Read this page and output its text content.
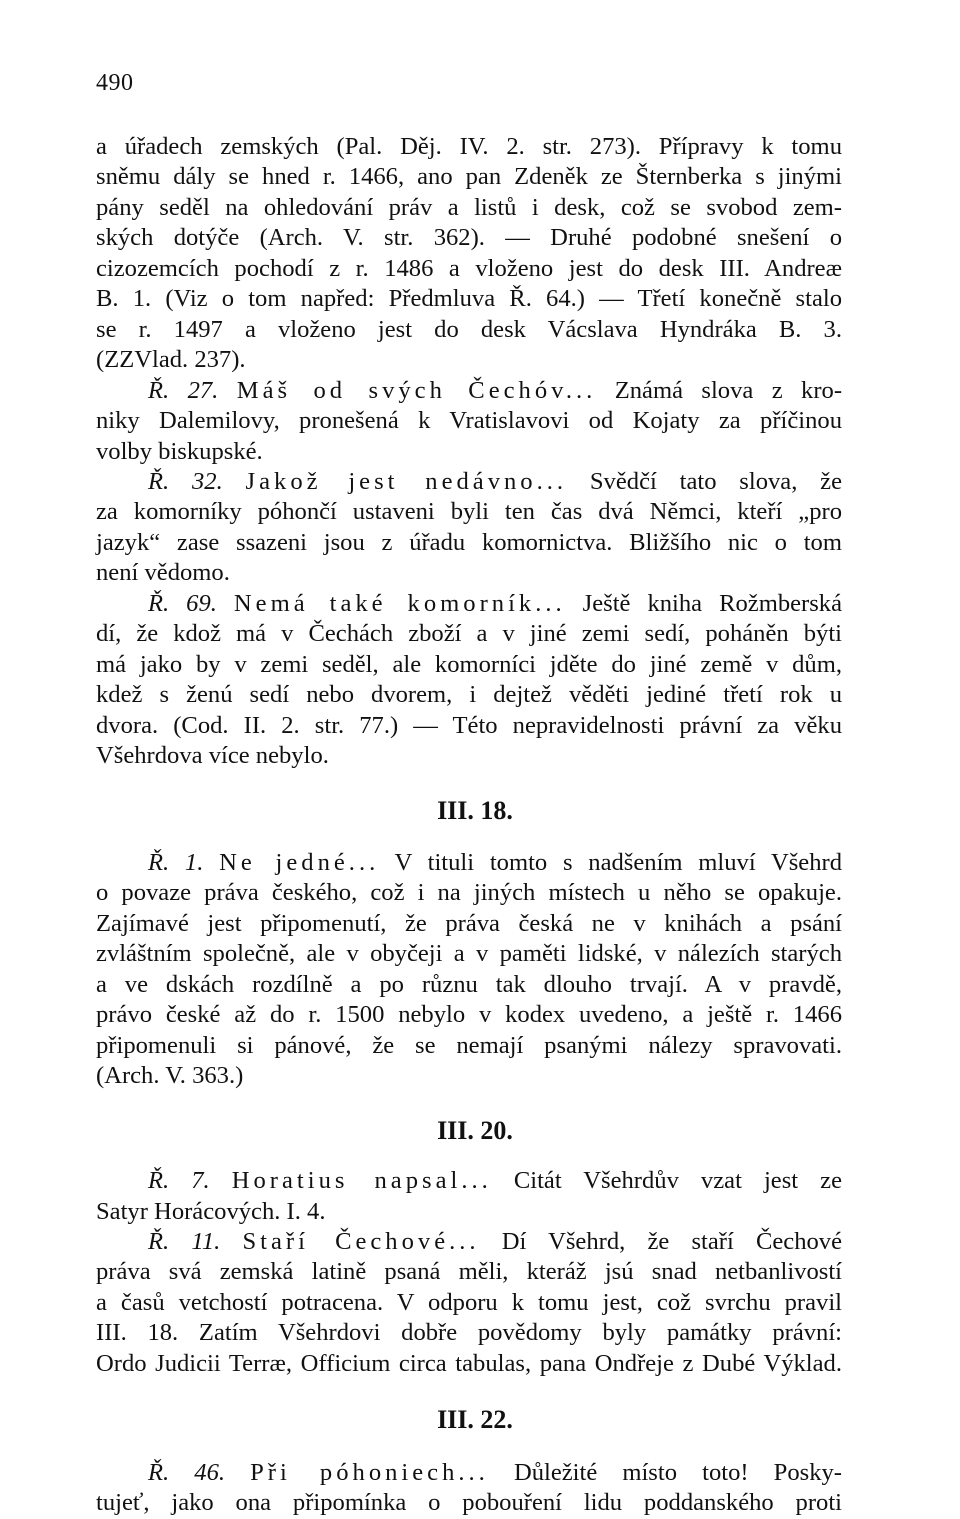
490
a úřadech zemských (Pal. Děj. IV. 2. str. 273). Přípravy k tomu
sněmu dály se hned r. 1466, ano pan Zdeněk ze Šternberka s jinými
pány seděl na ohledování práv a listů i desk, což se svobod zem-
ských dotýče (Arch. V. str. 362). — Druhé podobné snešení o
cizozemcích pochodí z r. 1486 a vloženo jest do desk III. Andreæ
B. 1. (Viz o tom napřed: Předmluva Ř. 64.) — Třetí konečně stalo
se r. 1497 a vloženo jest do desk Vácslava Hyndráka B. 3.
(ZZVlad. 237).
Ř. 27. Máš od svých Čechóv... Známá slova z kro-
niky Dalemilovy, pronešená k Vratislavovi od Kojaty za příčinou
volby biskupské.
Ř. 32. Jakož jest nedávno... Svědčí tato slova, že
za komorníky póhončí ustaveni byli ten čas dvá Němci, kteří „pro
jazyk“ zase ssazeni jsou z úřadu komornictva. Bližšího nic o tom
není vědomo.
Ř. 69. Nemá také komorník... Ještě kniha Rožmberská
dí, že kdož má v Čechách zboží a v jiné zemi sedí, poháněn býti
má jako by v zemi seděl, ale komorníci jděte do jiné země v dům,
kdež s ženú sedí nebo dvorem, i dejtež věděti jediné třetí rok u
dvora. (Cod. II. 2. str. 77.) — Této nepravidelnosti právní za věku
Všehrdova více nebylo.
III. 18.
Ř. 1. Ne jedné... V tituli tomto s nadšením mluví Všehrd
o povaze práva českého, což i na jiných místech u něho se opakuje.
Zajímavé jest připomenutí, že práva česká ne v knihách a psání
zvláštním společně, ale v obyčeji a v paměti lidské, v nálezích starých
a ve dskách rozdílně a po různu tak dlouho trvají. A v pravdě,
právo české až do r. 1500 nebylo v kodex uvedeno, a ještě r. 1466
připomenuli si pánové, že se nemají psanými nálezy spravovati.
(Arch. V. 363.)
III. 20.
Ř. 7. Horatius napsal... Citát Všehrdův vzat jest ze
Satyr Horácových. I. 4.
Ř. 11. Staří Čechové... Dí Všehrd, že staří Čechové
práva svá zemská latině psaná měli, kteráž jsú snad netbanlivostí
a časů vetchostí potracena. V odporu k tomu jest, což svrchu pravil
III. 18. Zatím Všehrdovi dobře povědomy byly památky právní:
Ordo Judicii Terræ, Officium circa tabulas, pana Ondřeje z Dubé Výklad.
III. 22.
Ř. 46. Při póhoniech... Důležité místo toto! Posky-
tujeť, jako ona připomínka o pobouření lidu poddanského proti
